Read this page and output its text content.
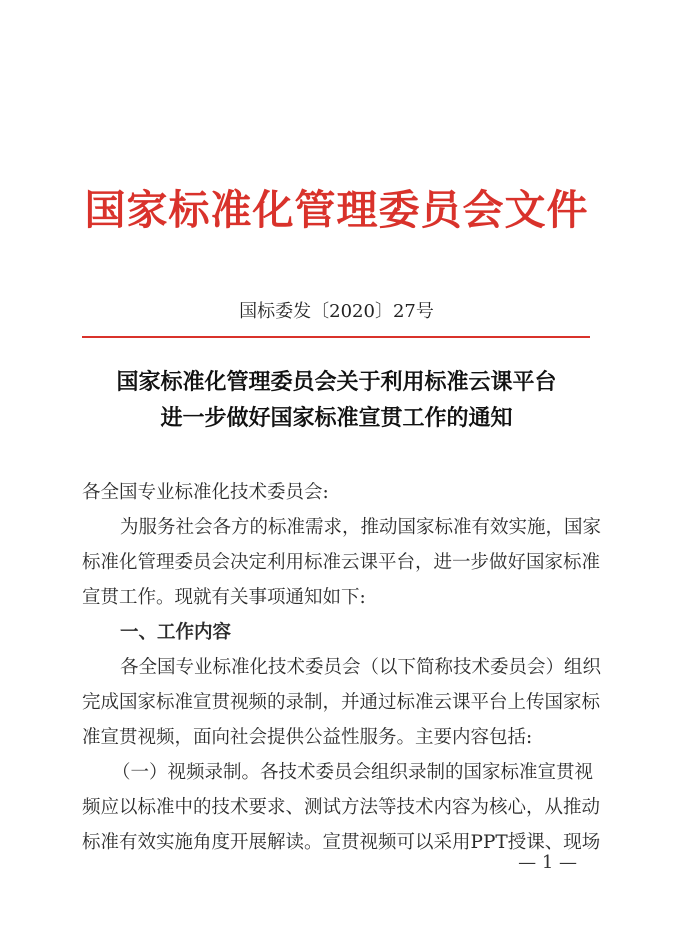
国家标准化管理委员会文件
国标委发〔2020〕27号
国家标准化管理委员会关于利用标准云课平台
进一步做好国家标准宣贯工作的通知
各全国专业标准化技术委员会:
为服务社会各方的标准需求，推动国家标准有效实施，国家
标准化管理委员会决定利用标准云课平台，进一步做好国家标准
宣贯工作。现就有关事项通知如下:
一、工作内容
各全国专业标准化技术委员会（以下简称技术委员会）组织
完成国家标准宣贯视频的录制，并通过标准云课平台上传国家标
准宣贯视频，面向社会提供公益性服务。主要内容包括:
（一）视频录制。各技术委员会组织录制的国家标准宣贯视
频应以标准中的技术要求、测试方法等技术内容为核心，从推动
标准有效实施角度开展解读。宣贯视频可以采用PPT授课、现场
— 1 —
